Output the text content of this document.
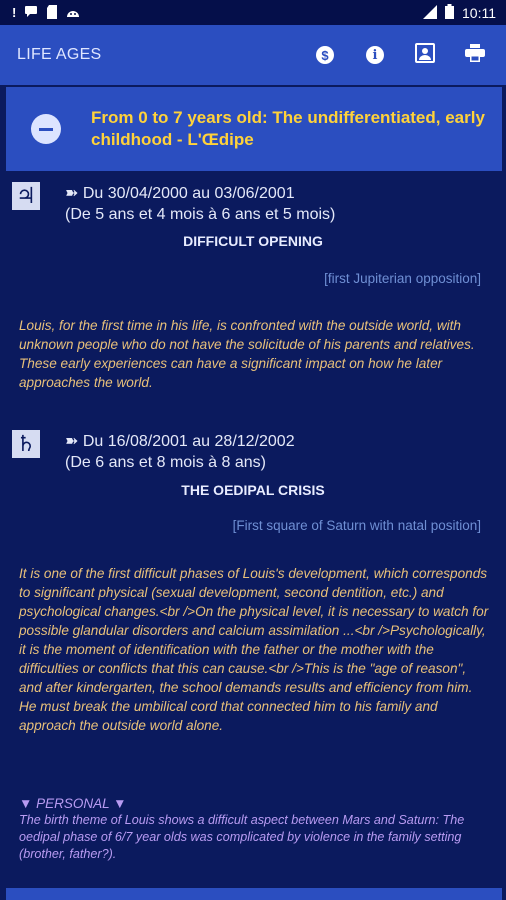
!	10:11
LIFE AGES	$	i
From 0 to 7 years old: The undifferentiated, early childhood - L'Œdipe
♃ ➽ Du 30/04/2000 au 03/06/2001
(De 5 ans et 4 mois à 6 ans et 5 mois)
DIFFICULT OPENING
[first Jupiterian opposition]
Louis, for the first time in his life, is confronted with the outside world, with unknown people who do not have the solicitude of his parents and relatives. These early experiences can have a significant impact on how he later approaches the world.
♄ ➽ Du 16/08/2001 au 28/12/2002
(De 6 ans et 8 mois à 8 ans)
THE OEDIPAL CRISIS
[First square of Saturn with natal position]
It is one of the first difficult phases of Louis's development, which corresponds to significant physical (sexual development, second dentition, etc.) and psychological changes.<br />On the physical level, it is necessary to watch for possible glandular disorders and calcium assimilation ...<br />Psychologically, it is the moment of identification with the father or the mother with the difficulties or conflicts that this can cause.<br />This is the "age of reason", and after kindergarten, the school demands results and efficiency from him. He must break the umbilical cord that connected him to his family and approach the outside world alone.
▼ PERSONAL ▼
The birth theme of Louis shows a difficult aspect between Mars and Saturn: The oedipal phase of 6/7 year olds was complicated by violence in the family setting (brother, father?).
